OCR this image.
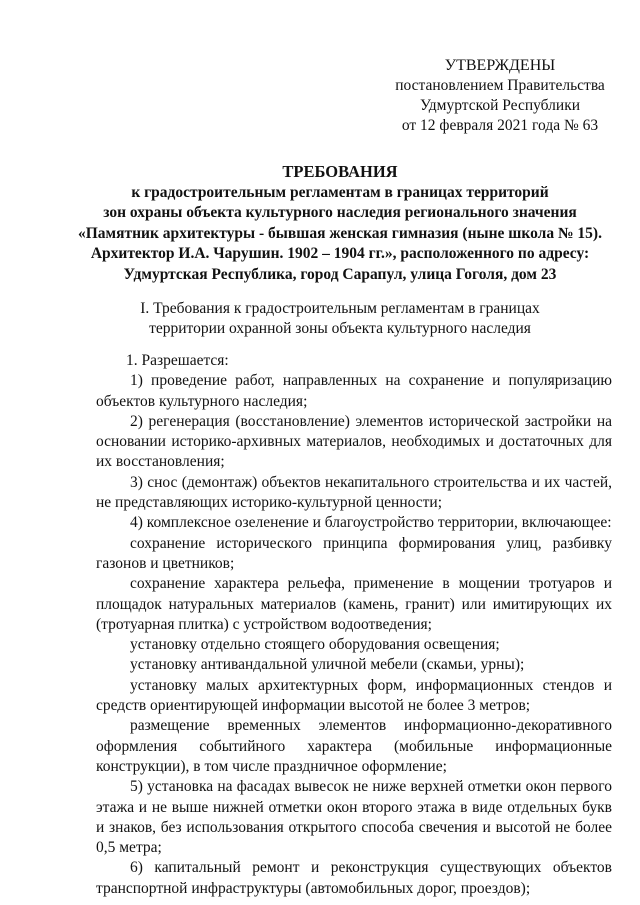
УТВЕРЖДЕНЫ
постановлением Правительства
Удмуртской Республики
от 12 февраля 2021 года № 63
ТРЕБОВАНИЯ
к градостроительным регламентам в границах территорий
зон охраны объекта культурного наследия регионального значения
«Памятник архитектуры - бывшая женская гимназия (ныне школа № 15).
Архитектор И.А. Чарушин. 1902 – 1904 гг.», расположенного по адресу:
Удмуртская Республика, город Сарапул, улица Гоголя, дом 23
I. Требования к градостроительным регламентам в границах
территории охранной зоны объекта культурного наследия

1. Разрешается:

1) проведение работ, направленных на сохранение и популяризацию объектов культурного наследия;

2) регенерация (восстановление) элементов исторической застройки на основании историко-архивных материалов, необходимых и достаточных для их восстановления;

3) снос (демонтаж) объектов некапитального строительства и их частей, не представляющих историко-культурной ценности;

4) комплексное озеленение и благоустройство территории, включающее:

сохранение исторического принципа формирования улиц, разбивку газонов и цветников;

сохранение характера рельефа, применение в мощении тротуаров и площадок натуральных материалов (камень, гранит) или имитирующих их (тротуарная плитка) с устройством водоотведения;

установку отдельно стоящего оборудования освещения;

установку антивандальной уличной мебели (скамьи, урны);

установку малых архитектурных форм, информационных стендов и средств ориентирующей информации высотой не более 3 метров;

размещение временных элементов информационно-декоративного оформления событийного характера (мобильные информационные конструкции), в том числе праздничное оформление;

5) установка на фасадах вывесок не ниже верхней отметки окон первого этажа и не выше нижней отметки окон второго этажа в виде отдельных букв и знаков, без использования открытого способа свечения и высотой не более 0,5 метра;

6) капитальный ремонт и реконструкция существующих объектов транспортной инфраструктуры (автомобильных дорог, проездов);
